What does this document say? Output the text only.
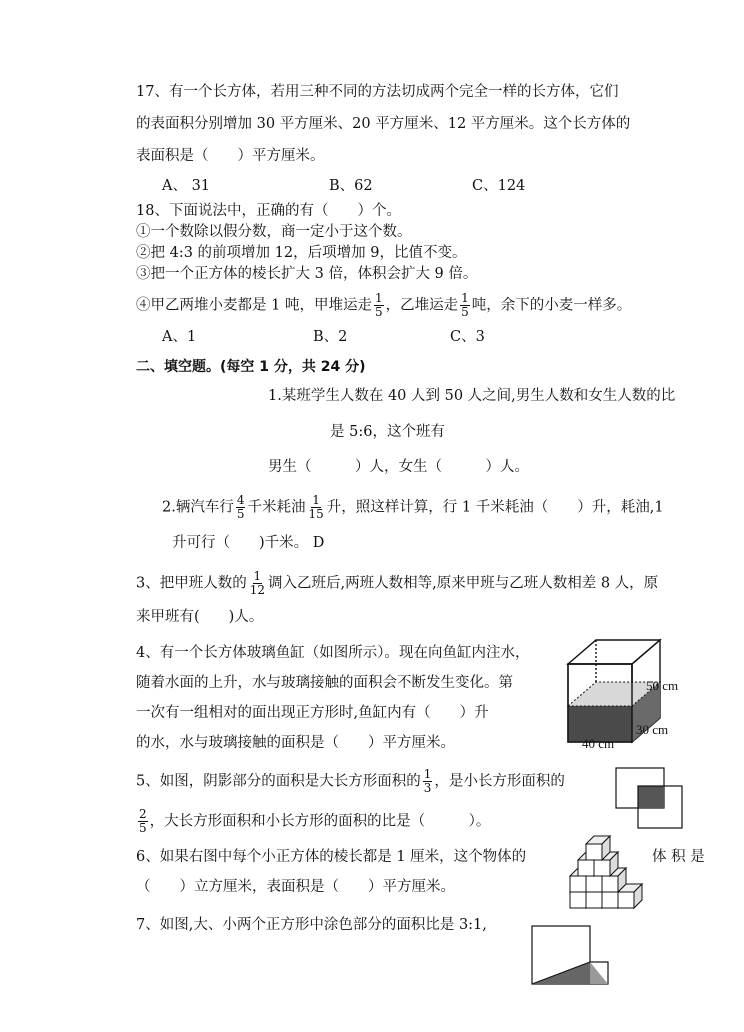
17、有一个长方体，若用三种不同的方法切成两个完全一样的长方体，它们
的表面积分别增加 30 平方厘米、20 平方厘米、12 平方厘米。这个长方体的
表面积是（　　）平方厘米。
A、 31	B、62	C、124
18、下面说法中，正确的有（　　）个。
①一个数除以假分数，商一定小于这个数。
②把 4:3 的前项增加 12，后项增加 9，比值不变。
③把一个正方体的棱长扩大 3 倍，体积会扩大 9 倍。
④甲乙两堆小麦都是 1 吨，甲堆运走 $\frac{1}{5}$ ，乙堆运走 $\frac{1}{5}$ 吨，余下的小麦一样多。
A、1	B、2	C、3
二、填空题。(每空 1 分，共 24 分)
1.某班学生人数在 40 人到 50 人之间,男生人数和女生人数的比
是 5:6，这个班有
男生（　　　）人，女生（　　　）人。
2.辆汽车行 $\frac{4}{5}$ 千米耗油 $\frac{1}{15}$ 升，照这样计算，行 1 千米耗油（　　）升，耗油,1
升可行（　　)千米。 D
3、把甲班人数的 $\frac{1}{12}$ 调入乙班后,两班人数相等,原来甲班与乙班人数相差 8 人，原
来甲班有(　　)人。
4、有一个长方体玻璃鱼缸（如图所示）。现在向鱼缸内注水，
随着水面的上升，水与玻璃接触的面积会不断发生变化。第
一次有一组相对的面出现正方形时,鱼缸内有（　　）升
的水，水与玻璃接触的面积是（　　）平方厘米。
50 cm
30 cm
40 cm
5、如图，阴影部分的面积是大长方形面积的 $\frac{1}{3}$ ，是小长方形面积的
$\frac{2}{5}$ ，大长方形面积和小长方形的面积的比是（　　　）。
6、如果右图中每个小正方体的棱长都是 1 厘米，这个物体的	体 积 是
（　　）立方厘米，表面积是（　　）平方厘米。
7、如图,大、小两个正方形中涂色部分的面积比是 3:1,
